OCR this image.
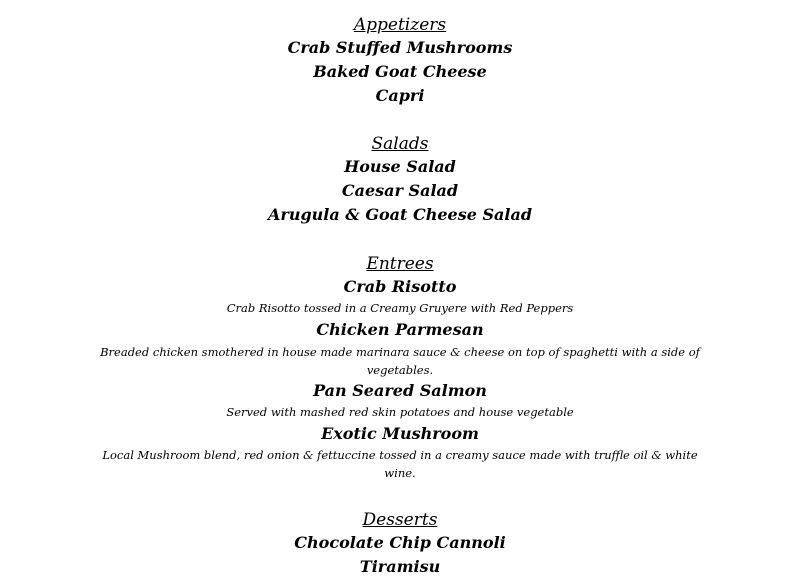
Appetizers
Crab Stuffed Mushrooms
Baked Goat Cheese
Capri
Salads
House Salad
Caesar Salad
Arugula & Goat Cheese Salad
Entrees
Crab Risotto
Crab Risotto tossed in a Creamy Gruyere with Red Peppers
Chicken Parmesan
Breaded chicken smothered in house made marinara sauce & cheese on top of spaghetti with a side of vegetables.
Pan Seared Salmon
Served with mashed red skin potatoes and house vegetable
Exotic Mushroom
Local Mushroom blend, red onion & fettuccine tossed in a creamy sauce made with truffle oil & white wine.
Desserts
Chocolate Chip Cannoli
Tiramisu
